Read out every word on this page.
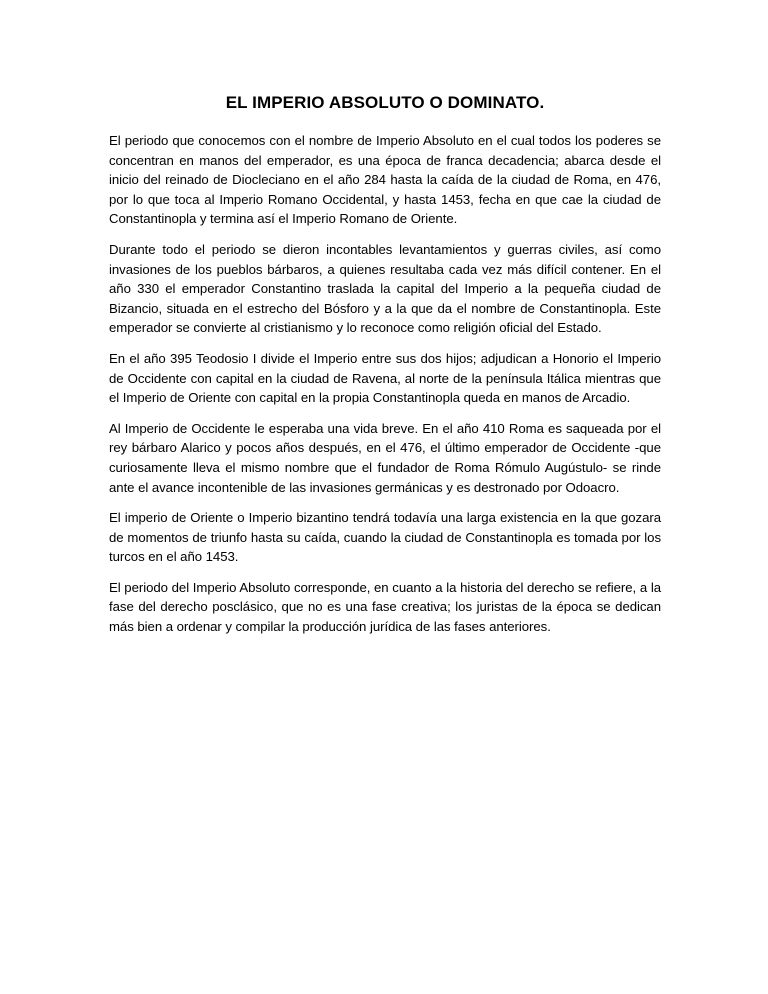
EL IMPERIO ABSOLUTO O DOMINATO.

El periodo que conocemos con el nombre de Imperio Absoluto en el cual todos los poderes se concentran en manos del emperador, es una época de franca decadencia; abarca desde el inicio del reinado de Diocleciano en el año 284 hasta la caída de la ciudad de Roma, en 476, por lo que toca al Imperio Romano Occidental, y hasta 1453, fecha en que cae la ciudad de Constantinopla y termina así el Imperio Romano de Oriente.

Durante todo el periodo se dieron incontables levantamientos y guerras civiles, así como invasiones de los pueblos bárbaros, a quienes resultaba cada vez más difícil contener. En el año 330 el emperador Constantino traslada la capital del Imperio a la pequeña ciudad de Bizancio, situada en el estrecho del Bósforo y a la que da el nombre de Constantinopla. Este emperador se convierte al cristianismo y lo reconoce como religión oficial del Estado.

En el año 395 Teodosio I divide el Imperio entre sus dos hijos; adjudican a Honorio el Imperio de Occidente con capital en la ciudad de Ravena, al norte de la península Itálica mientras que el Imperio de Oriente con capital en la propia Constantinopla queda en manos de Arcadio.

Al Imperio de Occidente le esperaba una vida breve. En el año 410 Roma es saqueada por el rey bárbaro Alarico y pocos años después, en el 476, el último emperador de Occidente -que curiosamente lleva el mismo nombre que el fundador de Roma Rómulo Augústulo- se rinde ante el avance incontenible de las invasiones germánicas y es destronado por Odoacro.

El imperio de Oriente o Imperio bizantino tendrá todavía una larga existencia en la que gozara de momentos de triunfo hasta su caída, cuando la ciudad de Constantinopla es tomada por los turcos en el año 1453.

El periodo del Imperio Absoluto corresponde, en cuanto a la historia del derecho se refiere, a la fase del derecho posclásico, que no es una fase creativa; los juristas de la época se dedican más bien a ordenar y compilar la producción jurídica de las fases anteriores.
